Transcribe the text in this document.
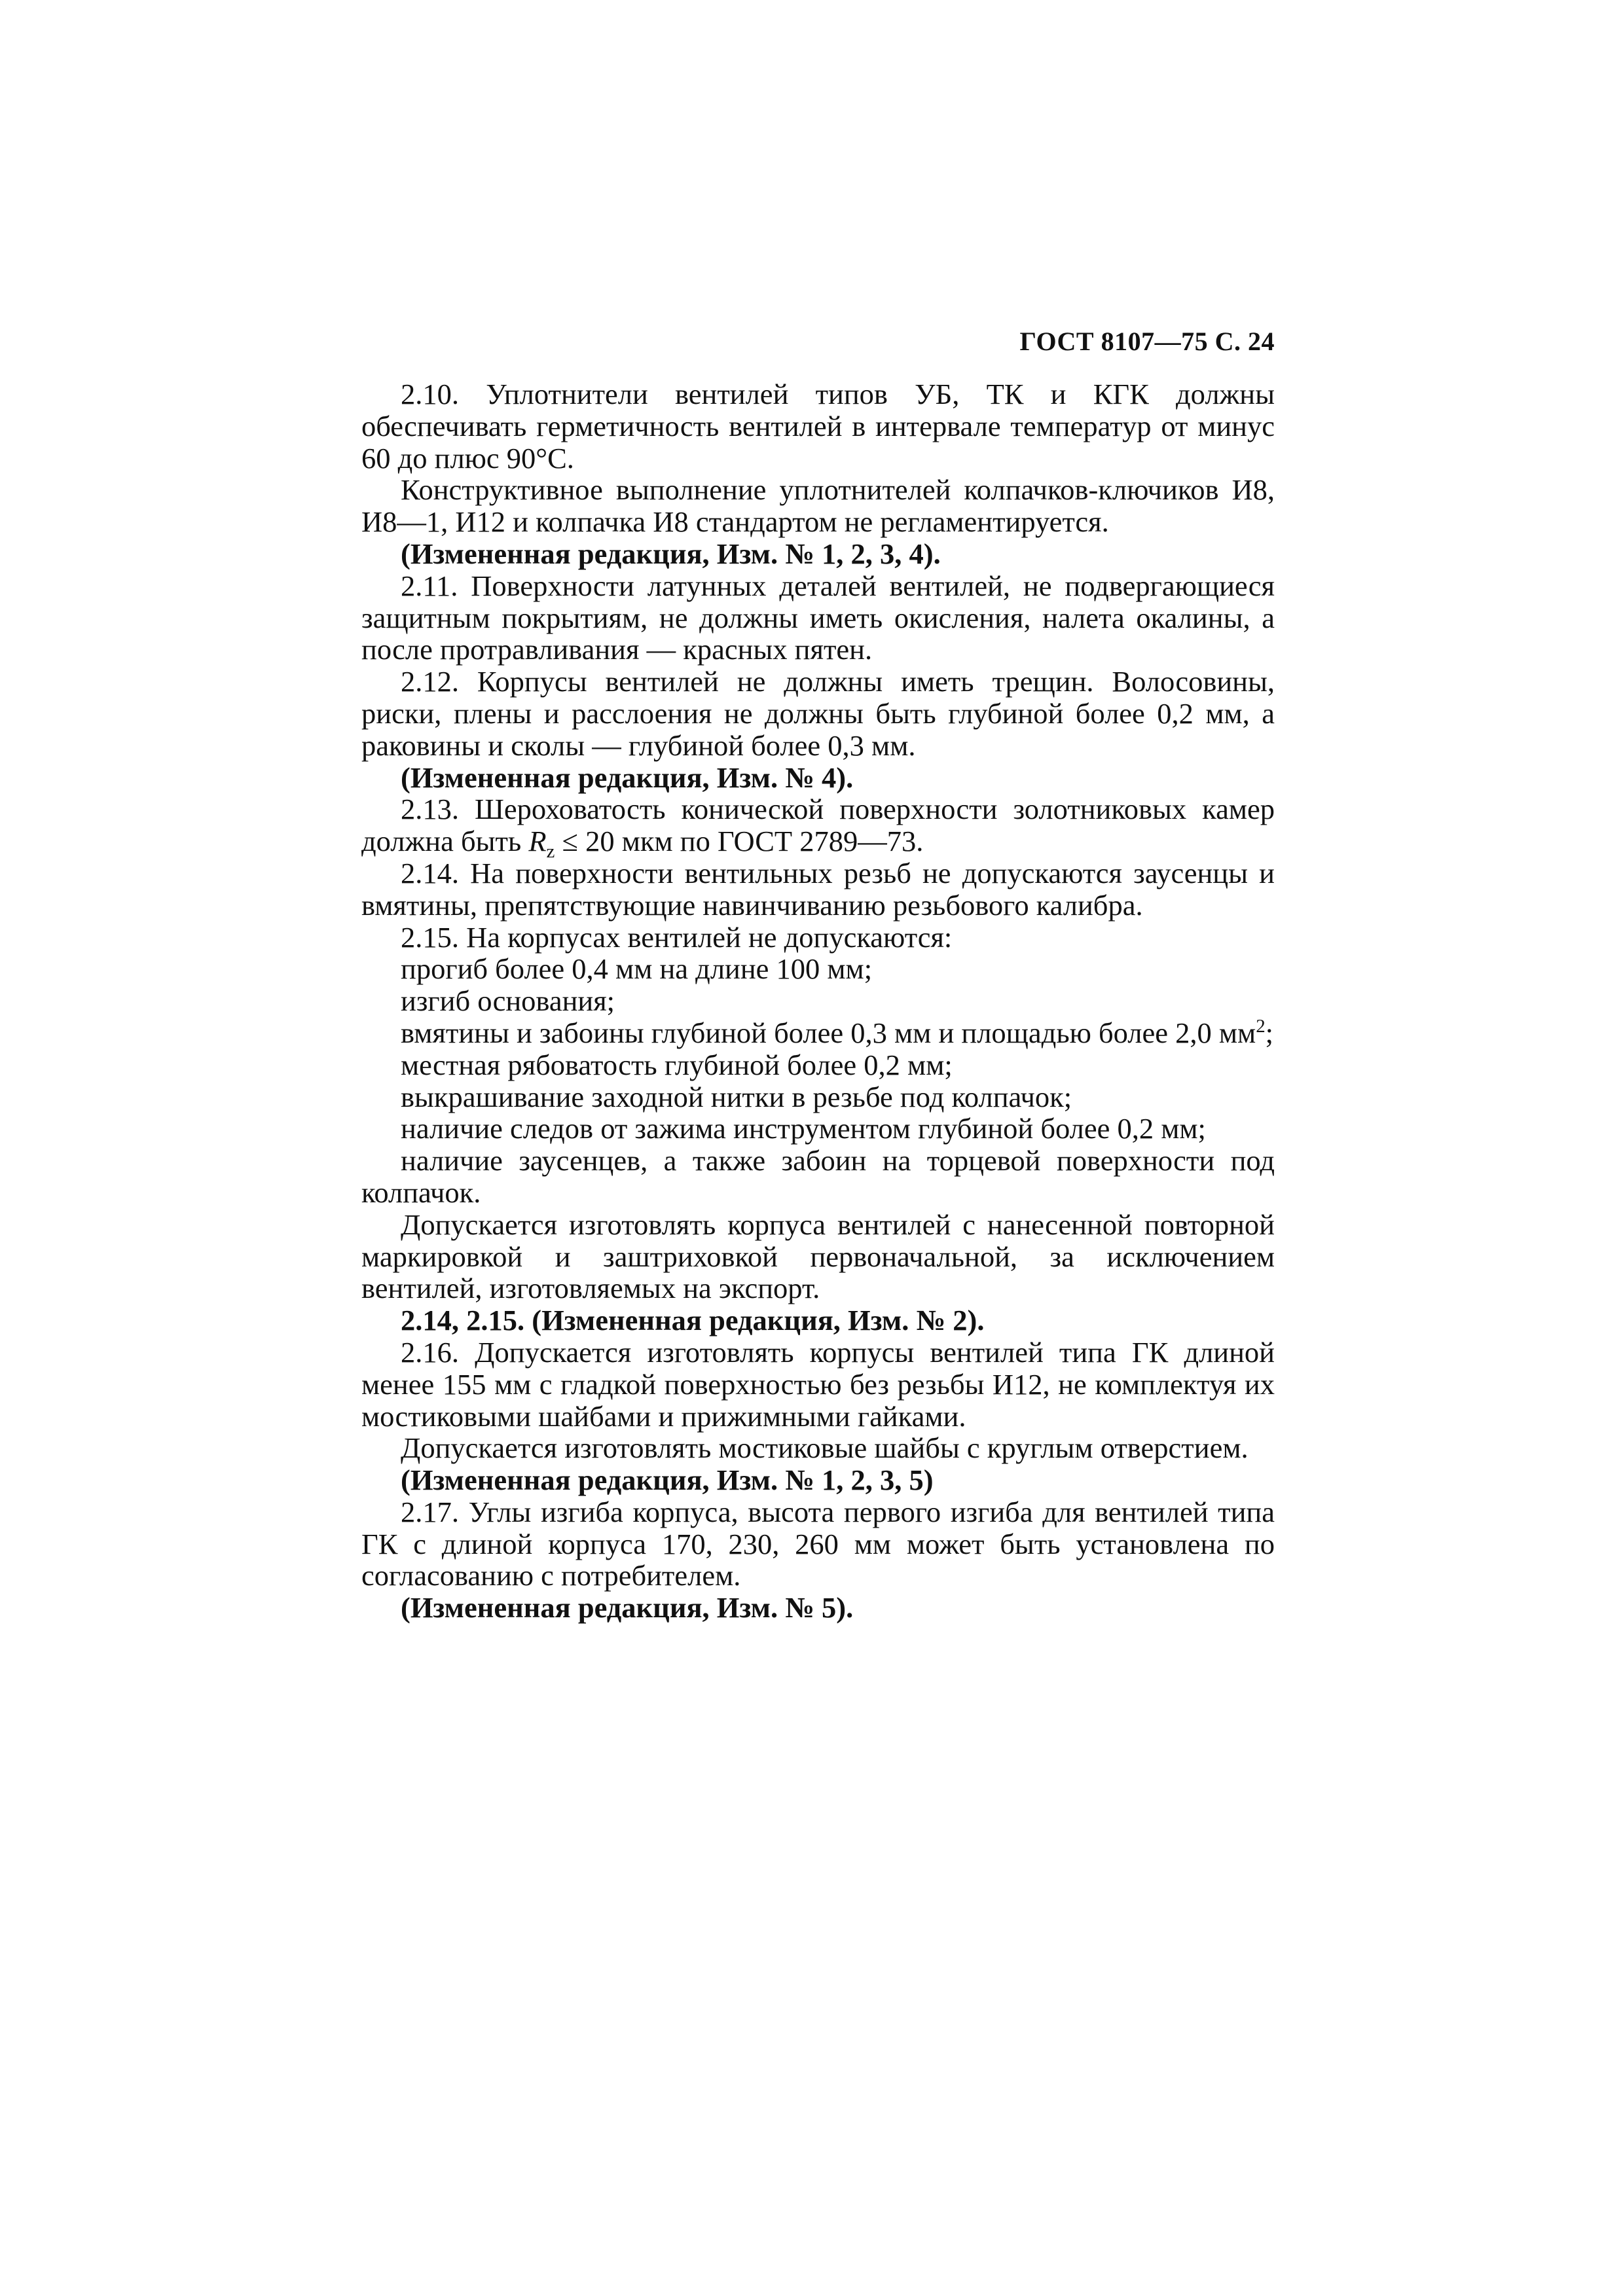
ГОСТ 8107—75 С. 24

2.10. Уплотнители вентилей типов УБ, ТК и КГК должны обеспечивать герметичность вентилей в интервале температур от минус 60 до плюс 90°С.

Конструктивное выполнение уплотнителей колпачков-ключиков И8, И8—1, И12 и колпачка И8 стандартом не регламентируется.

(Измененная редакция, Изм. № 1, 2, 3, 4).

2.11. Поверхности латунных деталей вентилей, не подвергающиеся защитным покрытиям, не должны иметь окисления, налета окалины, а после протравливания — красных пятен.

2.12. Корпусы вентилей не должны иметь трещин. Волосовины, риски, плены и расслоения не должны быть глубиной более 0,2 мм, а раковины и сколы — глубиной более 0,3 мм.

(Измененная редакция, Изм. № 4).

2.13. Шероховатость конической поверхности золотниковых камер должна быть $R_z \le 20$ мкм по ГОСТ 2789—73.

2.14. На поверхности вентильных резьб не допускаются заусенцы и вмятины, препятствующие навинчиванию резьбового калибра.

2.15. На корпусах вентилей не допускаются:

прогиб более 0,4 мм на длине 100 мм;

изгиб основания;

вмятины и забоины глубиной более 0,3 мм и площадью более 2,0 $мм^2$;

местная рябоватость глубиной более 0,2 мм;

выкрашивание заходной нитки в резьбе под колпачок;

наличие следов от зажима инструментом глубиной более 0,2 мм;

наличие заусенцев, а также забоин на торцевой поверхности под колпачок.

Допускается изготовлять корпуса вентилей с нанесенной повторной маркировкой и заштриховкой первоначальной, за исключением вентилей, изготовляемых на экспорт.

2.14, 2.15. (Измененная редакция, Изм. № 2).

2.16. Допускается изготовлять корпусы вентилей типа ГК длиной менее 155 мм с гладкой поверхностью без резьбы И12, не комплектуя их мостиковыми шайбами и прижимными гайками.

Допускается изготовлять мостиковые шайбы с круглым отверстием.

(Измененная редакция, Изм. № 1, 2, 3, 5)

2.17. Углы изгиба корпуса, высота первого изгиба для вентилей типа ГК с длиной корпуса 170, 230, 260 мм может быть установлена по согласованию с потребителем.

(Измененная редакция, Изм. № 5).
